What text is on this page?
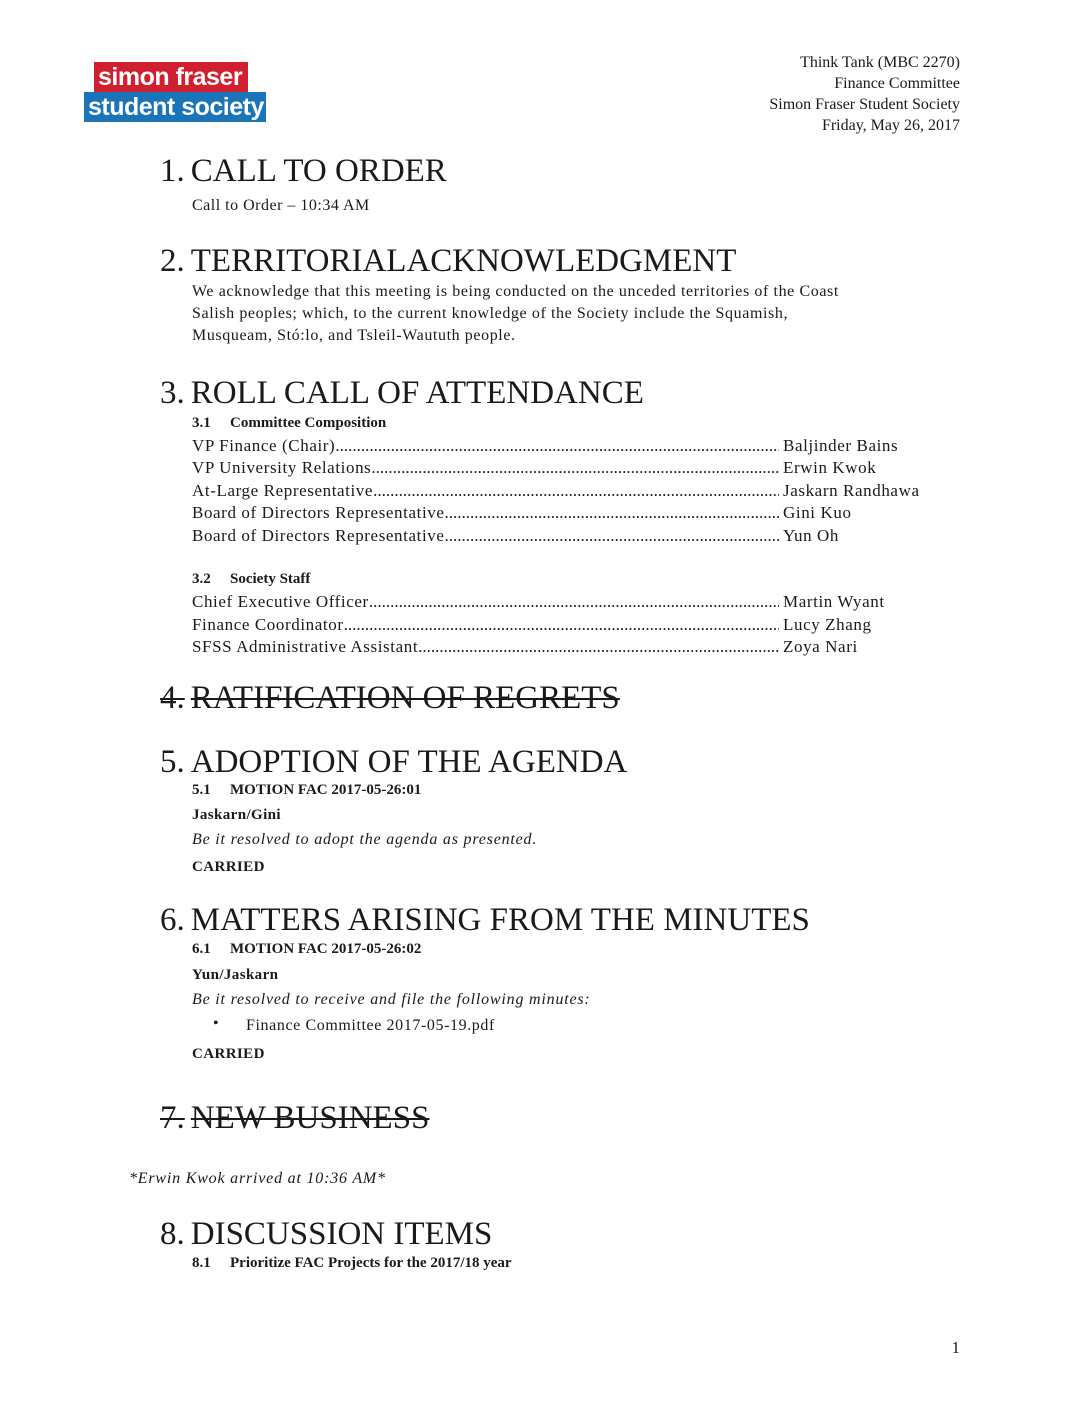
simon fraser
student society
Think Tank (MBC 2270)
Finance Committee
Simon Fraser Student Society
Friday, May 26, 2017
1. CALL TO ORDER
Call to Order – 10:34 AM
2. TERRITORIALACKNOWLEDGMENT
We acknowledge that this meeting is being conducted on the unceded territories of the Coast
Salish peoples; which, to the current knowledge of the Society include the Squamish,
Musqueam, Stó:lo, and Tsleil-Waututh people.
3. ROLL CALL OF ATTENDANCE
3.1 Committee Composition
VP Finance (Chair) .....	Baljinder Bains
VP University Relations .....	Erwin Kwok
At-Large Representative .....	Jaskarn Randhawa
Board of Directors Representative .....	Gini Kuo
Board of Directors Representative .....	Yun Oh
3.2 Society Staff
Chief Executive Officer .....	Martin Wyant
Finance Coordinator .....	Lucy Zhang
SFSS Administrative Assistant .....	Zoya Nari
4. RATIFICATION OF REGRETS
5. ADOPTION OF THE AGENDA
5.1 MOTION FAC 2017-05-26:01
Jaskarn/Gini
Be it resolved to adopt the agenda as presented.
CARRIED
6. MATTERS ARISING FROM THE MINUTES
6.1 MOTION FAC 2017-05-26:02
Yun/Jaskarn
Be it resolved to receive and file the following minutes:
• Finance Committee 2017-05-19.pdf
CARRIED
7. NEW BUSINESS
*Erwin Kwok arrived at 10:36 AM*
8. DISCUSSION ITEMS
8.1 Prioritize FAC Projects for the 2017/18 year
1
